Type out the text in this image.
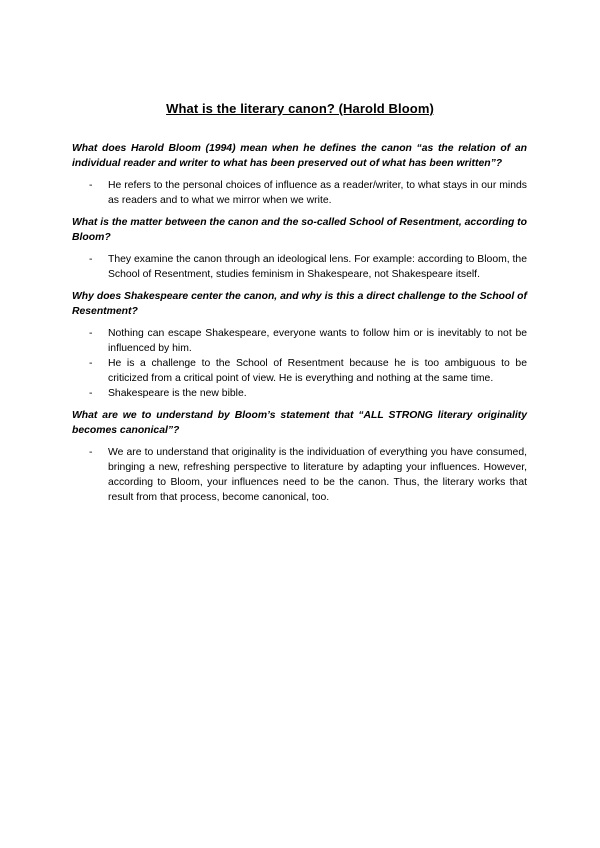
What is the literary canon? (Harold Bloom)

What does Harold Bloom (1994) mean when he defines the canon “as the relation of an individual reader and writer to what has been preserved out of what has been written”?

- He refers to the personal choices of influence as a reader/writer, to what stays in our minds as readers and to what we mirror when we write.

What is the matter between the canon and the so-called School of Resentment, according to Bloom?

- They examine the canon through an ideological lens. For example: according to Bloom, the School of Resentment, studies feminism in Shakespeare, not Shakespeare itself.

Why does Shakespeare center the canon, and why is this a direct challenge to the School of Resentment?

- Nothing can escape Shakespeare, everyone wants to follow him or is inevitably to not be influenced by him.
- He is a challenge to the School of Resentment because he is too ambiguous to be criticized from a critical point of view. He is everything and nothing at the same time.
- Shakespeare is the new bible.

What are we to understand by Bloom’s statement that “ALL STRONG literary originality becomes canonical”?

- We are to understand that originality is the individuation of everything you have consumed, bringing a new, refreshing perspective to literature by adapting your influences. However, according to Bloom, your influences need to be the canon. Thus, the literary works that result from that process, become canonical, too.
